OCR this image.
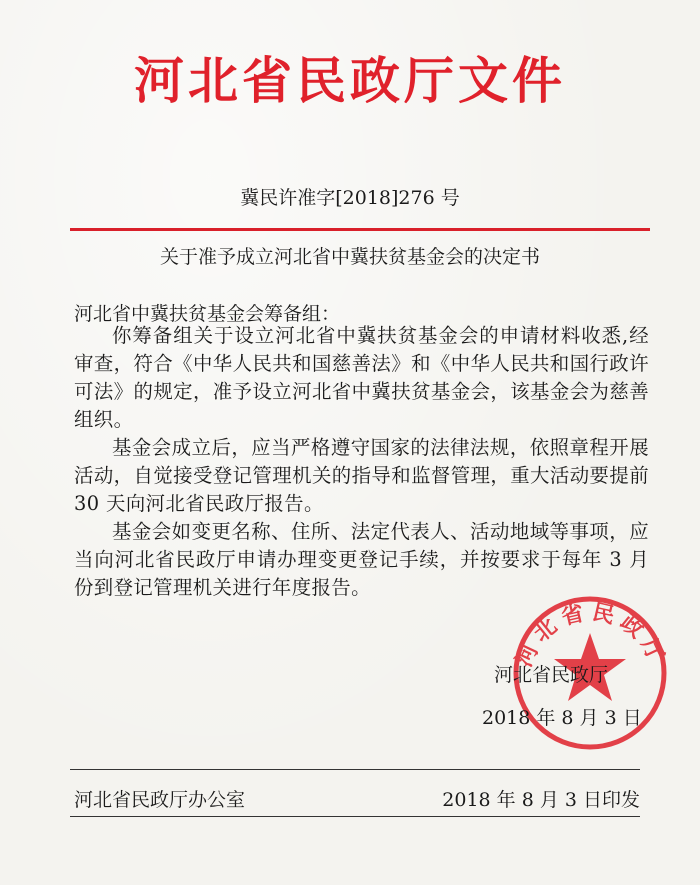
河北省民政厅文件
冀民许准字[2018]276 号
关于准予成立河北省中冀扶贫基金会的决定书
河北省中冀扶贫基金会筹备组：

你筹备组关于设立河北省中冀扶贫基金会的申请材料收悉,经审查，符合《中华人民共和国慈善法》和《中华人民共和国行政许可法》的规定，准予设立河北省中冀扶贫基金会，该基金会为慈善组织。

基金会成立后，应当严格遵守国家的法律法规，依照章程开展活动，自觉接受登记管理机关的指导和监督管理，重大活动要提前 30 天向河北省民政厅报告。

基金会如变更名称、住所、法定代表人、活动地域等事项，应当向河北省民政厅申请办理变更登记手续，并按要求于每年 3 月份到登记管理机关进行年度报告。

河北省民政厅
河北省民政厅
2018 年 8 月 3 日
河北省民政厅办公室	2018 年 8 月 3 日印发
